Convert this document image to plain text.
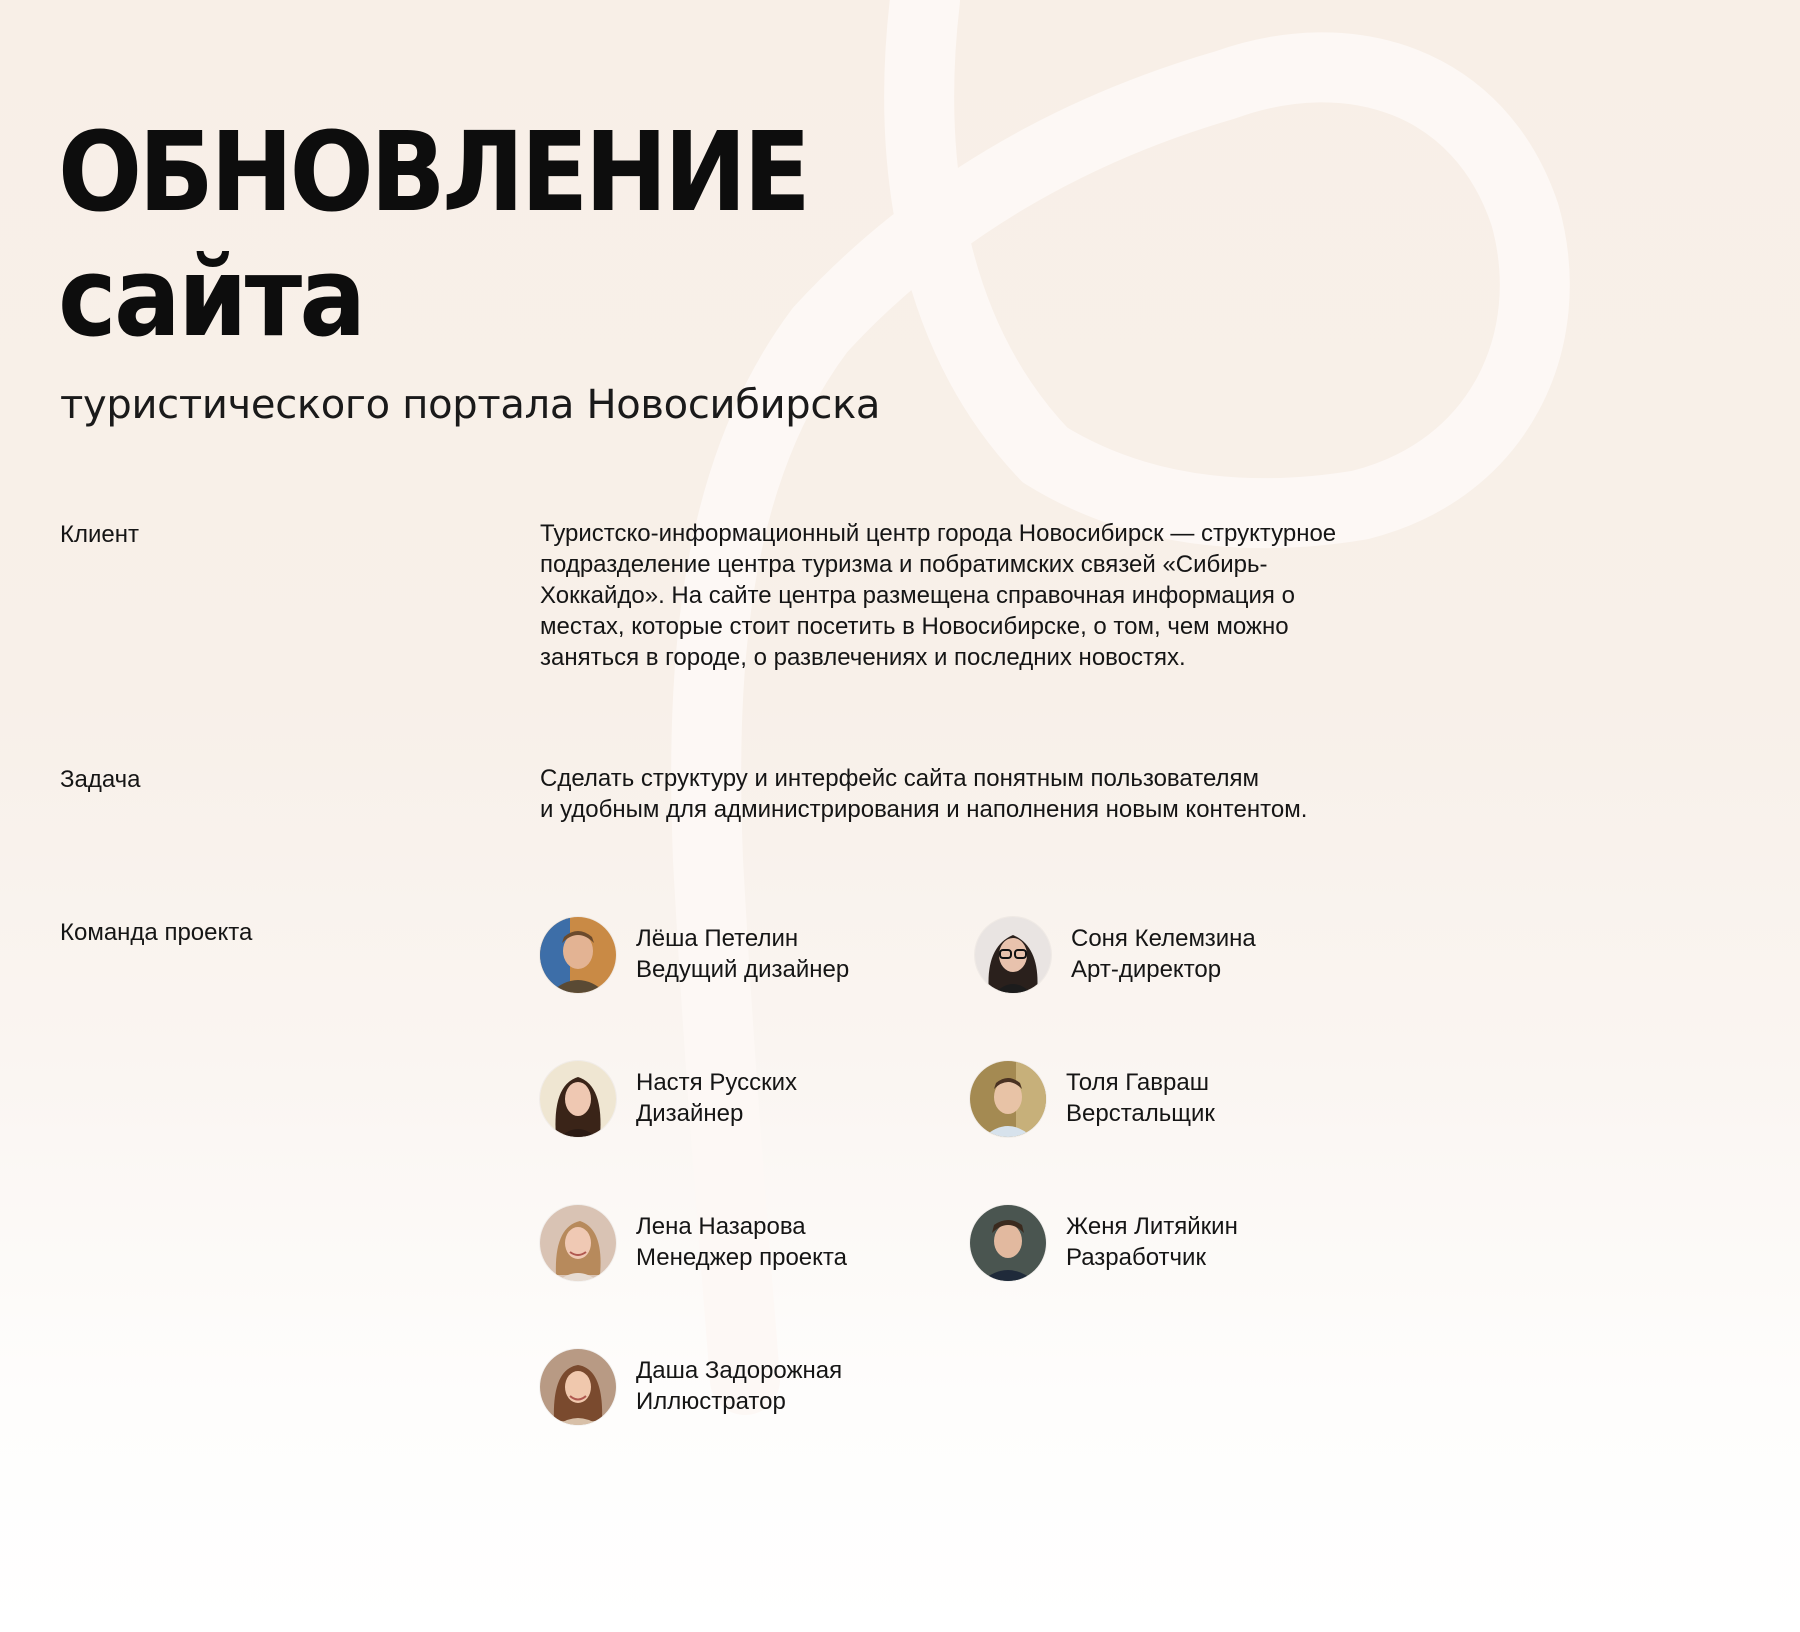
ОБНОВЛЕНИЕ
сайта
туристического портала Новосибирска
Клиент	Туристско-информационный центр города Новосибирск — структурное подразделение центра туризма и побратимских связей «Сибирь-Хоккайдо». На сайте центра размещена справочная информация о местах, которые стоит посетить в Новосибирске, о том, чем можно заняться в городе, о развлечениях и последних новостях.
Задача	Сделать структуру и интерфейс сайта понятным пользователям
и удобным для администрирования и наполнения новым контентом.
Команда проекта	Лёша Петелин
Ведущий дизайнер
Соня Келемзина
Арт-директор
Настя Русских
Дизайнер
Толя Гавраш
Верстальщик
Лена Назарова
Менеджер проекта
Женя Литяйкин
Разработчик
Даша Задорожная
Иллюстратор
